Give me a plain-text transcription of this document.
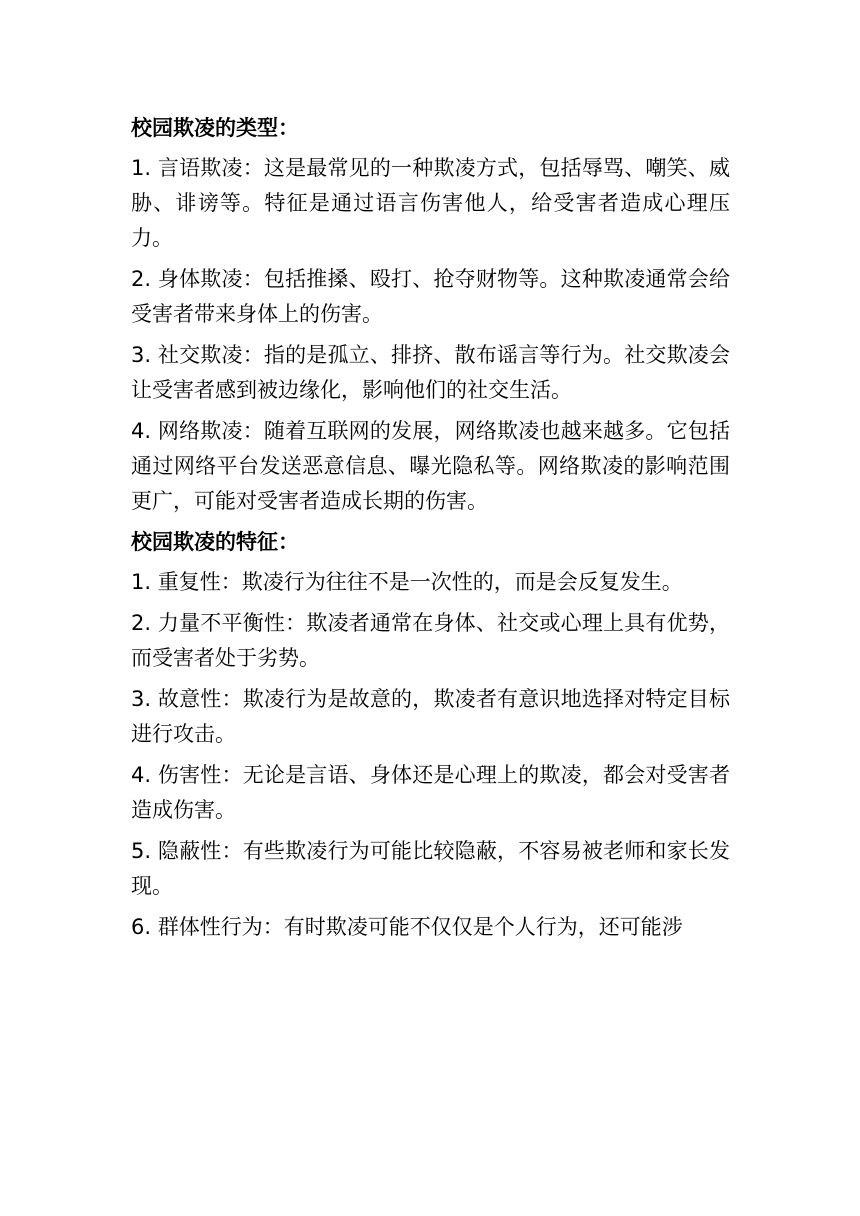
校园欺凌的类型：
1. 言语欺凌：这是最常见的一种欺凌方式，包括辱骂、嘲笑、威胁、诽谤等。特征是通过语言伤害他人，给受害者造成心理压力。
2. 身体欺凌：包括推搡、殴打、抢夺财物等。这种欺凌通常会给受害者带来身体上的伤害。
3. 社交欺凌：指的是孤立、排挤、散布谣言等行为。社交欺凌会让受害者感到被边缘化，影响他们的社交生活。
4. 网络欺凌：随着互联网的发展，网络欺凌也越来越多。它包括通过网络平台发送恶意信息、曝光隐私等。网络欺凌的影响范围更广，可能对受害者造成长期的伤害。
校园欺凌的特征：
1. 重复性：欺凌行为往往不是一次性的，而是会反复发生。
2. 力量不平衡性：欺凌者通常在身体、社交或心理上具有优势，而受害者处于劣势。
3. 故意性：欺凌行为是故意的，欺凌者有意识地选择对特定目标进行攻击。
4. 伤害性：无论是言语、身体还是心理上的欺凌，都会对受害者造成伤害。
5. 隐蔽性：有些欺凌行为可能比较隐蔽，不容易被老师和家长发现。
6. 群体性行为：有时欺凌可能不仅仅是个人行为，还可能涉
